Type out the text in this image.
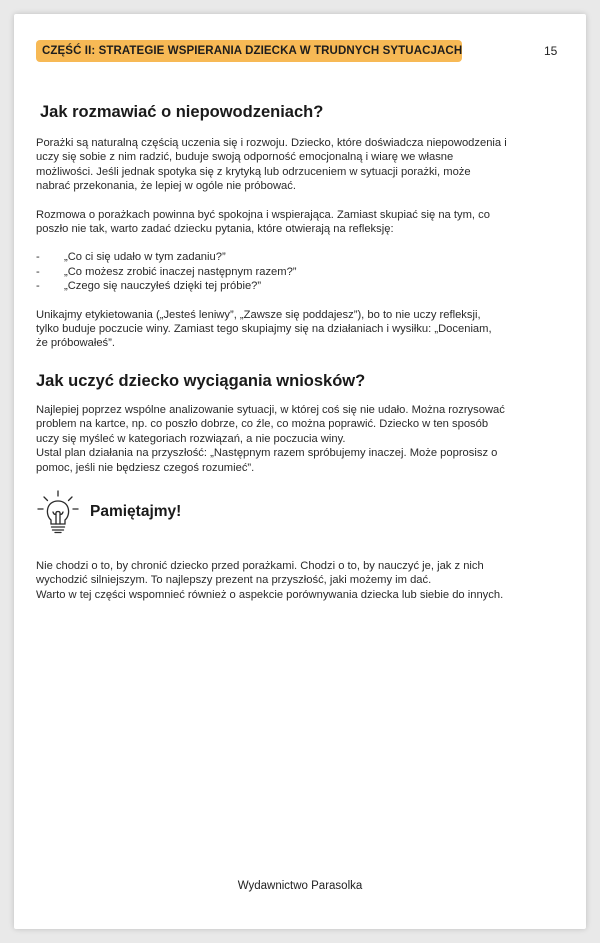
CZĘŚĆ II: STRATEGIE WSPIERANIA DZIECKA W TRUDNYCH SYTUACJACH	15
Jak rozmawiać o niepowodzeniach?

Porażki są naturalną częścią uczenia się i rozwoju. Dziecko, które doświadcza niepowodzenia i
uczy się sobie z nim radzić, buduje swoją odporność emocjonalną i wiarę we własne
możliwości. Jeśli jednak spotyka się z krytyką lub odrzuceniem w sytuacji porażki, może
nabrać przekonania, że lepiej w ogóle nie próbować.

Rozmowa o porażkach powinna być spokojna i wspierająca. Zamiast skupiać się na tym, co
poszło nie tak, warto zadać dziecku pytania, które otwierają na refleksję:

-	„Co ci się udało w tym zadaniu?”
-	„Co możesz zrobić inaczej następnym razem?”
-	„Czego się nauczyłeś dzięki tej próbie?”

Unikajmy etykietowania („Jesteś leniwy”, „Zawsze się poddajesz”), bo to nie uczy refleksji,
tylko buduje poczucie winy. Zamiast tego skupiajmy się na działaniach i wysiłku: „Doceniam,
że próbowałeś”.

Jak uczyć dziecko wyciągania wniosków?

Najlepiej poprzez wspólne analizowanie sytuacji, w której coś się nie udało. Można rozrysować
problem na kartce, np. co poszło dobrze, co źle, co można poprawić. Dziecko w ten sposób
uczy się myśleć w kategoriach rozwiązań, a nie poczucia winy.
Ustal plan działania na przyszłość: „Następnym razem spróbujemy inaczej. Może poprosisz o
pomoc, jeśli nie będziesz czegoś rozumieć”.

Pamiętajmy!

Nie chodzi o to, by chronić dziecko przed porażkami. Chodzi o to, by nauczyć je, jak z nich
wychodzić silniejszym. To najlepszy prezent na przyszłość, jaki możemy im dać.
Warto w tej części wspomnieć również o aspekcie porównywania dziecka lub siebie do innych.

Wydawnictwo Parasolka
